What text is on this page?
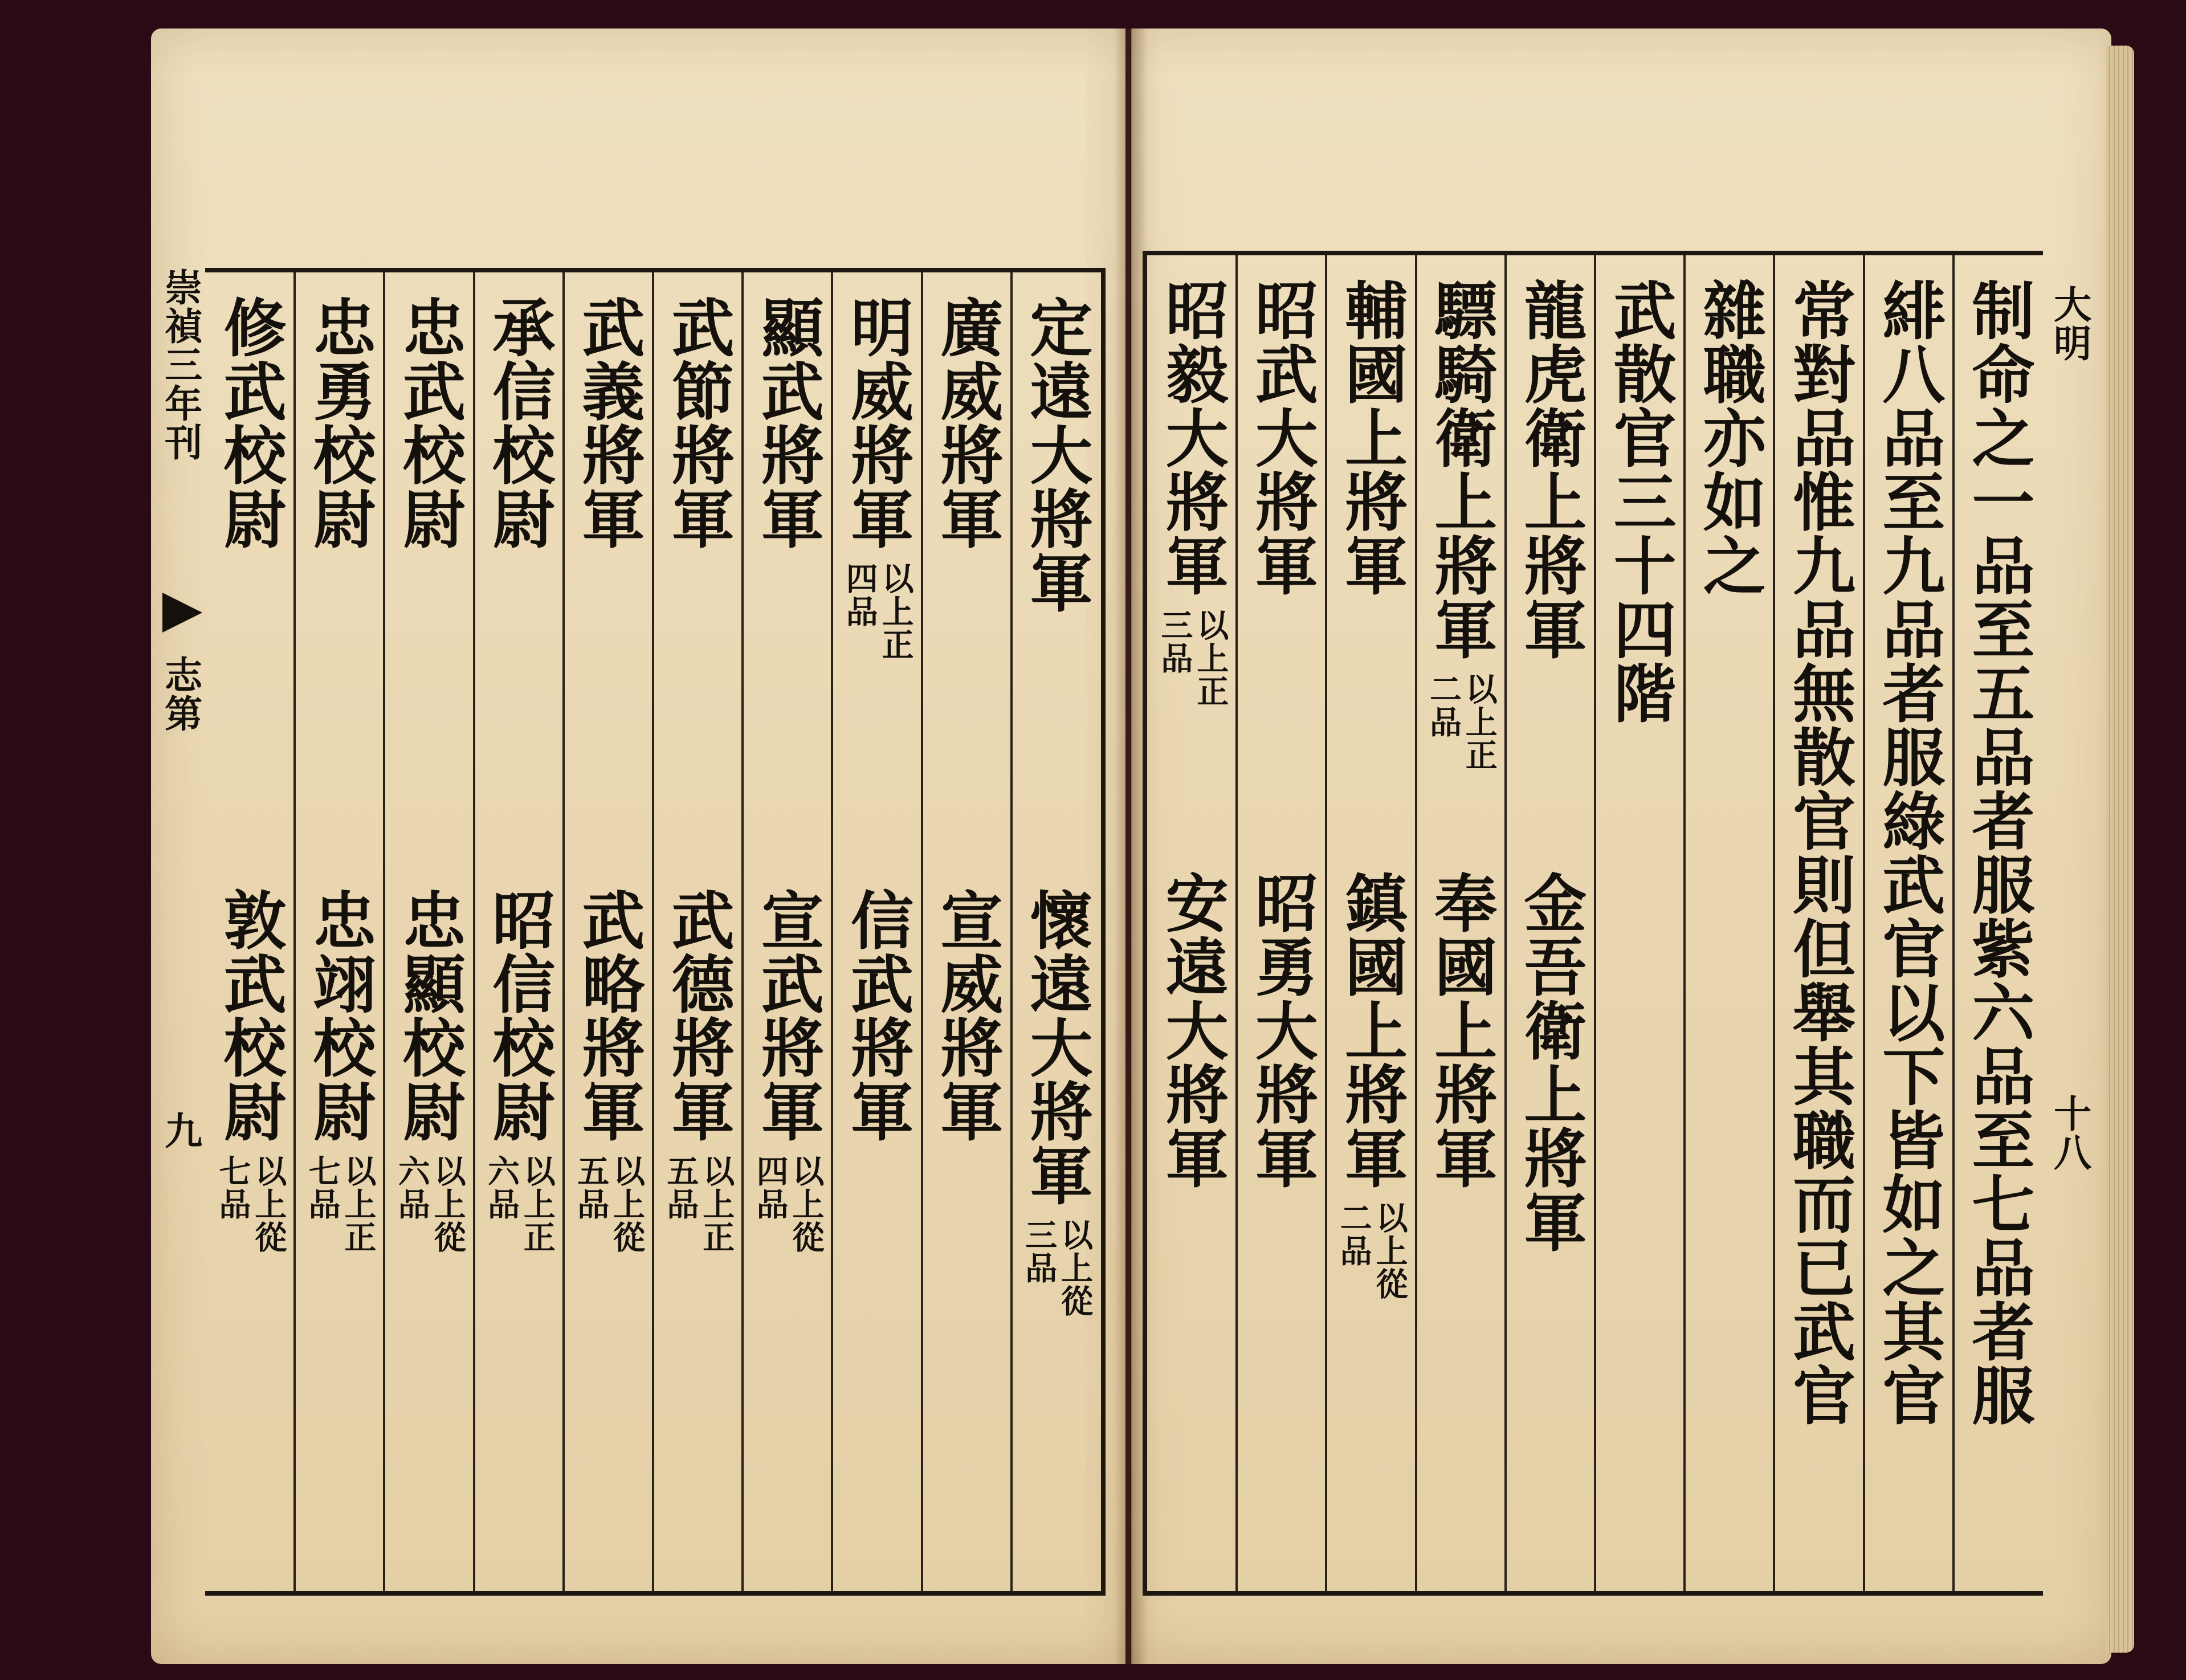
崇禎三年刊
志第
九
定遠大將軍
懷遠大將軍
以上從
三品
廣威將軍
宣威將軍
明威將軍
以上正
四品
信武將軍
顯武將軍
宣武將軍
以上從
四品
武節將軍
武德將軍
以上正
五品
武義將軍
武略將軍
以上從
五品
承信校尉
昭信校尉
以上正
六品
忠武校尉
忠顯校尉
以上從
六品
忠勇校尉
忠翊校尉
以上正
七品
修武校尉
敦武校尉
以上從
七品	制命之一品至五品者服紫六品至七品者服
緋八品至九品者服綠武官以下皆如之其官
常對品惟九品無散官則但舉其職而已武官
雜職亦如之
武散官三十四階
龍虎衛上將軍
金吾衛上將軍
驃騎衛上將軍
以上正
二品
奉國上將軍
輔國上將軍
鎮國上將軍
以上從
二品
昭武大將軍
昭勇大將軍
昭毅大將軍
以上正
三品
安遠大將軍
大明
十八
